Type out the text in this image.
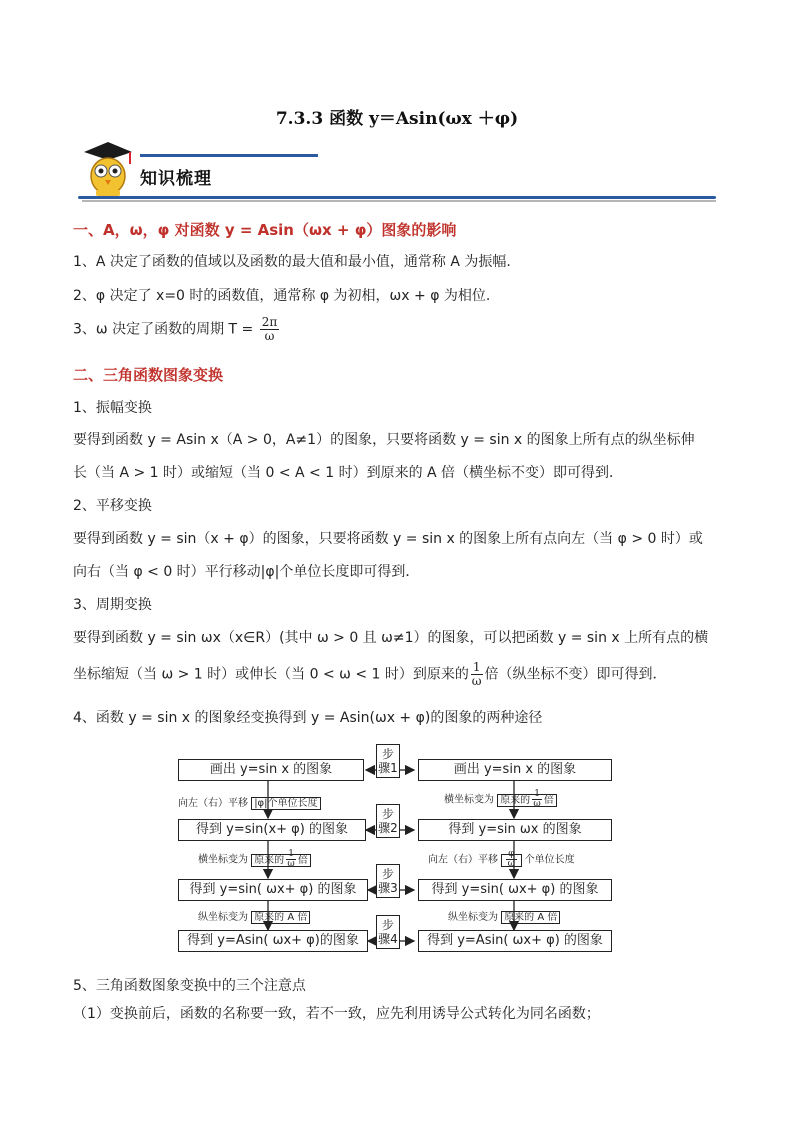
7.3.3 函数 y＝Asin(ωx ＋φ)
知识梳理
一、A，ω，φ 对函数 y = Asin（ωx + φ）图象的影响
1、A 决定了函数的值域以及函数的最大值和最小值，通常称 A 为振幅.
2、φ 决定了 x=0 时的函数值，通常称 φ 为初相，ωx + φ 为相位.
3、ω 决定了函数的周期 $T = \frac{2\pi}{\omega}$
二、三角函数图象变换
1、振幅变换
要得到函数 y = Asin x（A > 0，A≠1）的图象，只要将函数 y = sin x 的图象上所有点的纵坐标伸
长（当 A > 1 时）或缩短（当 0 < A < 1 时）到原来的 A 倍（横坐标不变）即可得到．
2、平移变换
要得到函数 y = sin（x + φ）的图象，只要将函数 y = sin x 的图象上所有点向左（当 φ > 0 时）或
向右（当 φ < 0 时）平行移动|φ|个单位长度即可得到．
3、周期变换
要得到函数 y = sin ωx（x∈R）(其中 ω > 0 且 ω≠1）的图象，可以把函数 y = sin x 上所有点的横
坐标缩短（当 ω > 1 时）或伸长（当 0 < ω < 1 时）到原来的 $\frac{1}{\omega}$ 倍（纵坐标不变）即可得到．
4、函数 y = sin x 的图象经变换得到 y = Asin(ωx + φ)的图象的两种途径
画出 y=sin x 的图象
得到 y=sin(x+ φ) 的图象
得到 y=sin( ωx+ φ) 的图象
得到 y=Asin( ωx+ φ)的图象
画出 y=sin x 的图象
得到 y=sin ωx 的图象
得到 y=sin( ωx+ φ) 的图象
得到 y=Asin( ωx+ φ) 的图象
步骤1
步骤2
步骤3
步骤4
向左（右）平移 |φ|个单位长度
横坐标变为 原来的 $\frac{1}{\omega}$ 倍
纵坐标变为 原来的 A 倍
横坐标变为 原来的 $\frac{1}{\omega}$ 倍
向左（右）平移 $\frac{\varphi}{\omega}$ 个单位长度
纵坐标变为 原来的 A 倍
5、三角函数图象变换中的三个注意点
（1）变换前后，函数的名称要一致，若不一致，应先利用诱导公式转化为同名函数；
